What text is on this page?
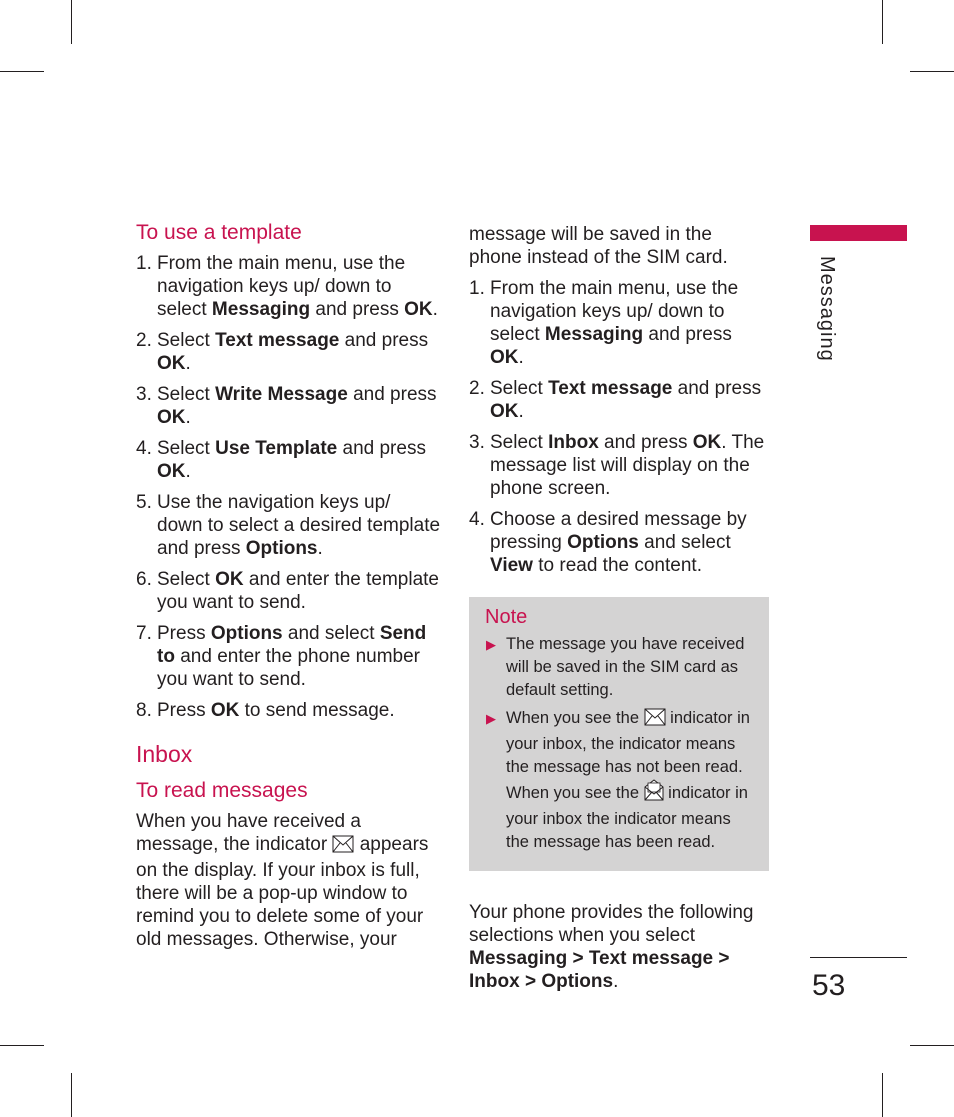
To use a template
1. From the main menu, use the navigation keys up/ down to select Messaging and press OK.
2. Select Text message and press OK.
3. Select Write Message and press OK.
4. Select Use Template and press OK.
5. Use the navigation keys up/ down to select a desired template and press Options.
6. Select OK and enter the template you want to send.
7. Press Options and select Send to and enter the phone number you want to send.
8. Press OK to send message.
Inbox
To read messages

When you have received a message, the indicator  appears on the display. If your inbox is full, there will be a pop-up window to remind you to delete some of your old messages. Otherwise, your

message will be saved in the phone instead of the SIM card.

1. From the main menu, use the navigation keys up/ down to select Messaging and press OK.
2. Select Text message and press OK.
3. Select Inbox and press OK. The message list will display on the phone screen.
4. Choose a desired message by pressing Options and select View to read the content.
Note
▶ The message you have received will be saved in the SIM card as default setting.
▶ When you see the  indicator in your inbox, the indicator means the message has not been read. When you see the  indicator in your inbox the indicator means the message has been read.

Your phone provides the following selections when you select Messaging > Text message > Inbox > Options.

Messaging
53
